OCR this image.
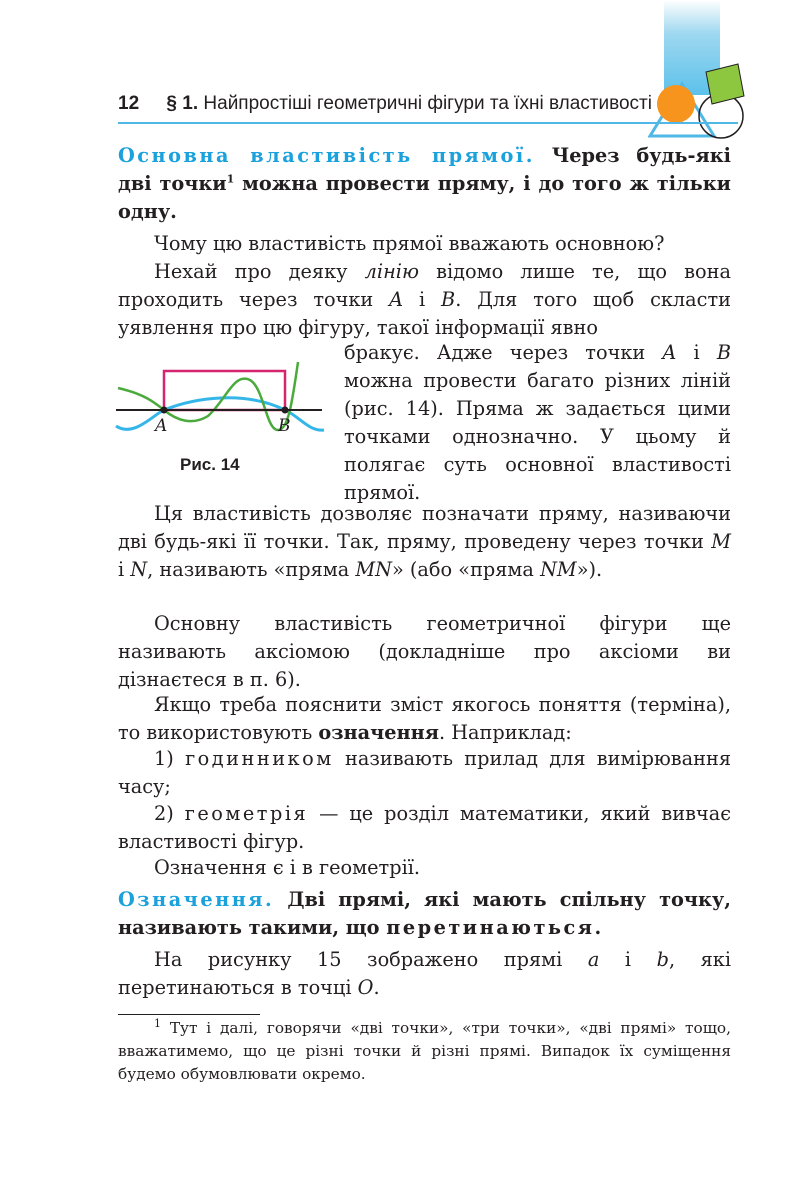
12 § 1. Найпростіші геометричні фігури та їхні властивості
Основна властивість прямої. Через будь-які дві точки$^1$ можна провести пряму, і до того ж тільки одну.
Чому цю властивість прямої вважають основною?
Нехай про деяку лінію відомо лише те, що вона проходить через точки A і B. Для того щоб скласти уявлення про цю фігуру, такої інформації явно
A	B
Рис. 14
бракує. Адже через точки A і B можна провести багато різних ліній (рис. 14). Пряма ж задається цими точками однозначно. У цьому й полягає суть основної властивості прямої.
Ця властивість дозволяє позначати пряму, називаючи дві будь-які її точки. Так, пряму, проведену через точки M і N, називають «пряма MN» (або «пряма NM»).
Основну властивість геометричної фігури ще називають аксіомою (докладніше про аксіоми ви дізнаєтеся в п. 6).
Якщо треба пояснити зміст якогось поняття (терміна), то використовують означення. Наприклад:
1) годинником називають прилад для вимірювання часу;
2) геометрія — це розділ математики, який вивчає властивості фігур.
Означення є і в геометрії.
Означення. Дві прямі, які мають спільну точку, називають такими, що перетинаються.
На рисунку 15 зображено прямі a і b, які перетинаються в точці O.
$^1$ Тут і далі, говорячи «дві точки», «три точки», «дві прямі» тощо, вважатимемо, що це різні точки й різні прямі. Випадок їх суміщення будемо обумовлювати окремо.
